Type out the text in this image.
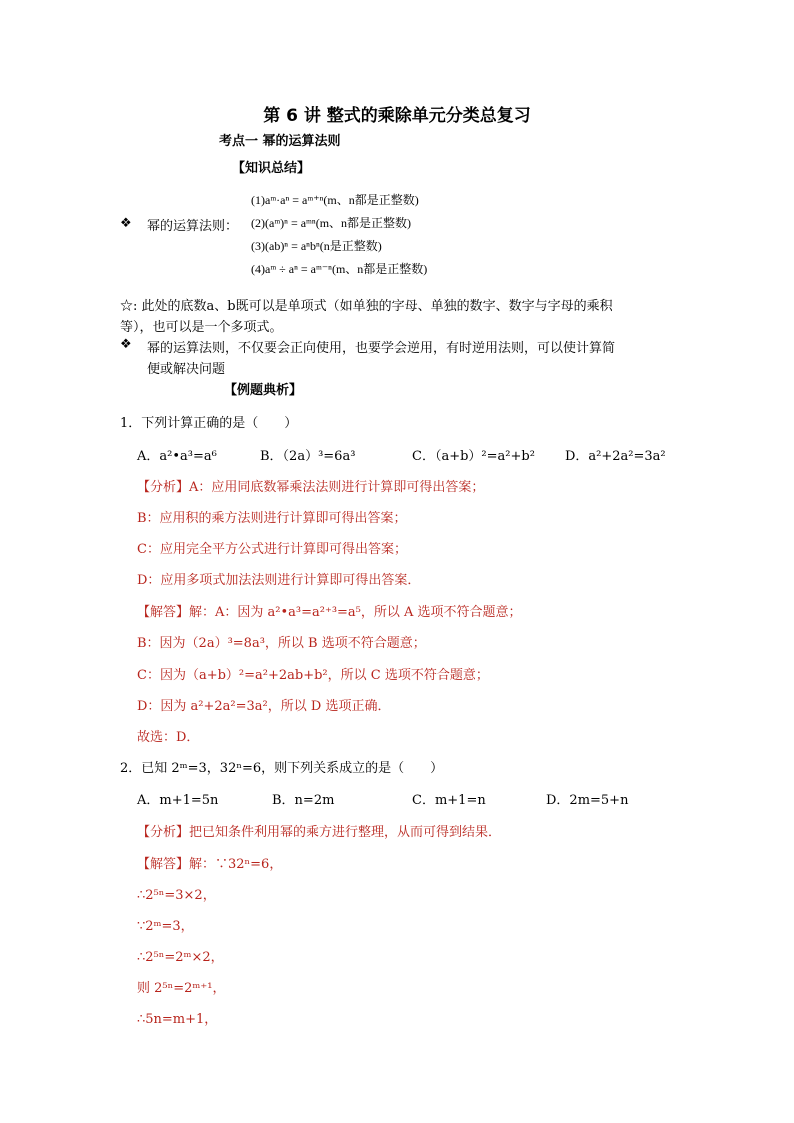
第 6 讲 整式的乘除单元分类总复习
考点一 幂的运算法则
【知识总结】
❖ 幂的运算法则：
(1)aᵐ·aⁿ = aᵐ⁺ⁿ(m、n都是正整数)
(2)(aᵐ)ⁿ = aᵐⁿ(m、n都是正整数)
(3)(ab)ⁿ = aⁿbⁿ(n是正整数)
(4)aᵐ ÷ aⁿ = aᵐ⁻ⁿ(m、n都是正整数)
☆: 此处的底数a、b既可以是单项式（如单独的字母、单独的数字、数字与字母的乘积
等），也可以是一个多项式。
❖ 幂的运算法则，不仅要会正向使用，也要学会逆用，有时逆用法则，可以使计算简
便或解决问题
【例题典析】
1．下列计算正确的是（　　）
A．a²•a³=a⁶	B．（2a）³=6a³	C．（a+b）²=a²+b² D．a²+2a²=3a²
【分析】A：应用同底数幂乘法法则进行计算即可得出答案；
B：应用积的乘方法则进行计算即可得出答案；
C：应用完全平方公式进行计算即可得出答案；
D：应用多项式加法法则进行计算即可得出答案．
【解答】解：A：因为 a²•a³=a²⁺³=a⁵，所以 A 选项不符合题意；
B：因为（2a）³=8a³，所以 B 选项不符合题意；
C：因为（a+b）²=a²+2ab+b²，所以 C 选项不符合题意；
D：因为 a²+2a²=3a²，所以 D 选项正确．
故选：D．
2．已知 2ᵐ=3，32ⁿ=6，则下列关系成立的是（　　）
A．m+1=5n	B．n=2m	C．m+1=n	D．2m=5+n
【分析】把已知条件利用幂的乘方进行整理，从而可得到结果．
【解答】解：∵32ⁿ=6，
∴2⁵ⁿ=3×2，
∵2ᵐ=3，
∴2⁵ⁿ=2ᵐ×2，
则 2⁵ⁿ=2ᵐ⁺¹，
∴5n=m+1，
